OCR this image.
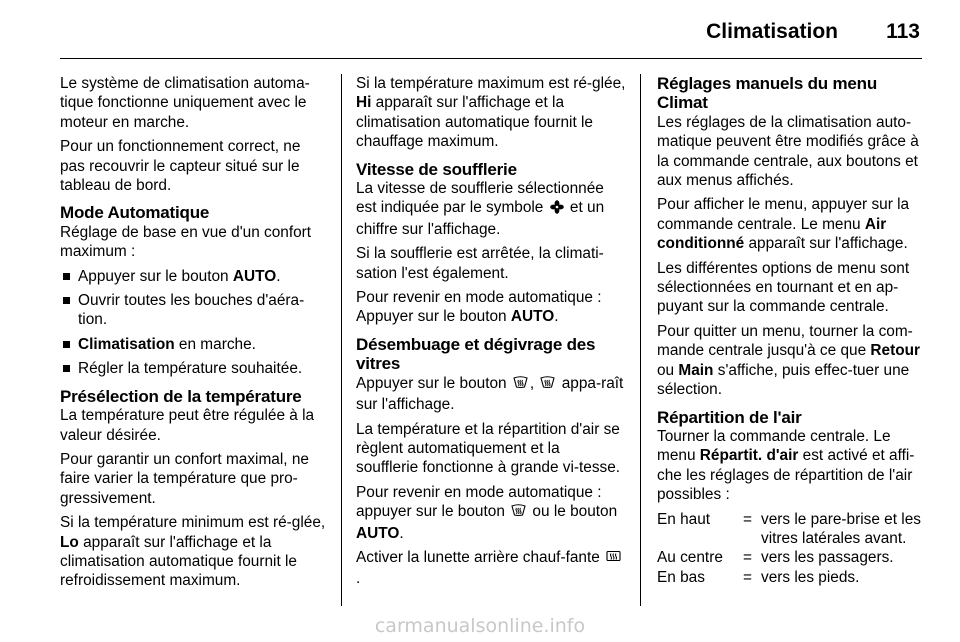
Climatisation 113

Le système de climatisation automa-tique fonctionne uniquement avec le moteur en marche.

Pour un fonctionnement correct, ne pas recouvrir le capteur situé sur le tableau de bord.

Mode Automatique

Réglage de base en vue d'un confort maximum :

Appuyer sur le bouton AUTO.
Ouvrir toutes les bouches d'aéra-tion.
Climatisation en marche.
Régler la température souhaitée.
Présélection de la température

La température peut être régulée à la valeur désirée.

Pour garantir un confort maximal, ne faire varier la température que pro-gressivement.

Si la température minimum est ré-glée, Lo apparaît sur l'affichage et la climatisation automatique fournit le refroidissement maximum.

Si la température maximum est ré-glée, Hi apparaît sur l'affichage et la climatisation automatique fournit le chauffage maximum.

Vitesse de soufflerie

La vitesse de soufflerie sélectionnée est indiquée par le symbole  et un chiffre sur l'affichage.

Si la soufflerie est arrêtée, la climati-sation l'est également.

Pour revenir en mode automatique : Appuyer sur le bouton AUTO.

Désembuage et dégivrage des vitres

Appuyer sur le bouton ,  appa-raît sur l'affichage.

La température et la répartition d'air se règlent automatiquement et la soufflerie fonctionne à grande vi-tesse.

Pour revenir en mode automatique : appuyer sur le bouton  ou le bouton AUTO.

Activer la lunette arrière chauf-fante .

Réglages manuels du menu Climat

Les réglages de la climatisation auto-matique peuvent être modifiés grâce à la commande centrale, aux boutons et aux menus affichés.

Pour afficher le menu, appuyer sur la commande centrale. Le menu Air conditionné apparaît sur l'affichage.

Les différentes options de menu sont sélectionnées en tournant et en ap-puyant sur la commande centrale.

Pour quitter un menu, tourner la com-mande centrale jusqu'à ce que Retour ou Main s'affiche, puis effec-tuer une sélection.

Répartition de l'air

Tourner la commande centrale. Le menu Répartit. d'air est activé et affi-che les réglages de répartition de l'air possibles :

En haut	=	vers le pare-brise et les vitres latérales avant.
Au centre	=	vers les passagers.
En bas	=	vers les pieds.
carmanualsonline.info
